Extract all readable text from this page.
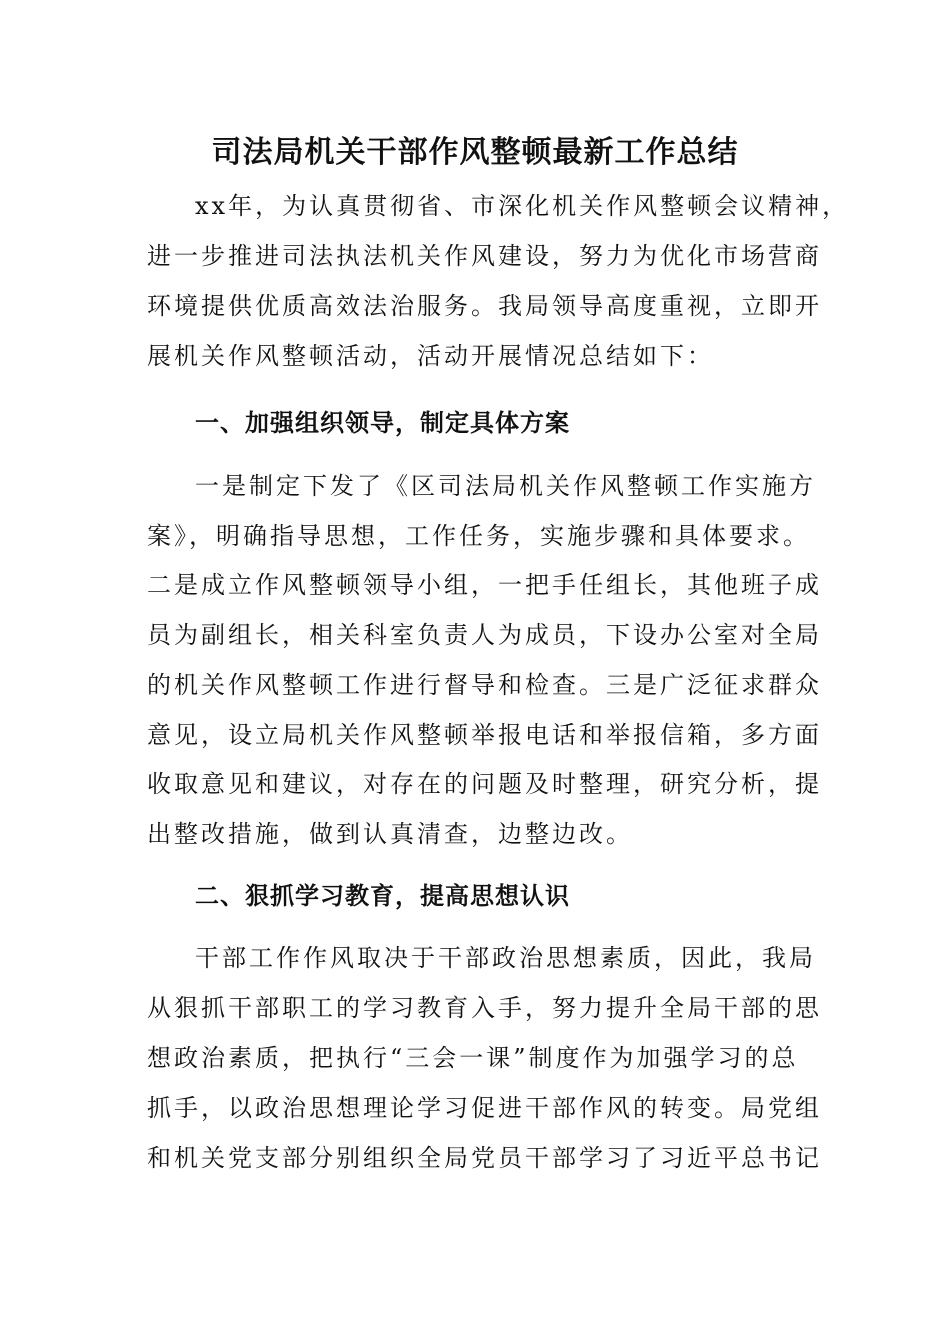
司法局机关干部作风整顿最新工作总结

xx年，为认真贯彻省、市深化机关作风整顿会议精神，

进一步推进司法执法机关作风建设，努力为优化市场营商

环境提供优质高效法治服务。我局领导高度重视，立即开

展机关作风整顿活动，活动开展情况总结如下：

一、加强组织领导，制定具体方案

一是制定下发了《区司法局机关作风整顿工作实施方

案》，明确指导思想，工作任务，实施步骤和具体要求。

二是成立作风整顿领导小组，一把手任组长，其他班子成

员为副组长，相关科室负责人为成员，下设办公室对全局

的机关作风整顿工作进行督导和检查。三是广泛征求群众

意见，设立局机关作风整顿举报电话和举报信箱，多方面

收取意见和建议，对存在的问题及时整理，研究分析，提

出整改措施，做到认真清查，边整边改。

二、狠抓学习教育，提高思想认识

干部工作作风取决于干部政治思想素质，因此，我局

从狠抓干部职工的学习教育入手，努力提升全局干部的思

想政治素质，把执行“三会一课”制度作为加强学习的总

抓手，以政治思想理论学习促进干部作风的转变。局党组

和机关党支部分别组织全局党员干部学习了习近平总书记
